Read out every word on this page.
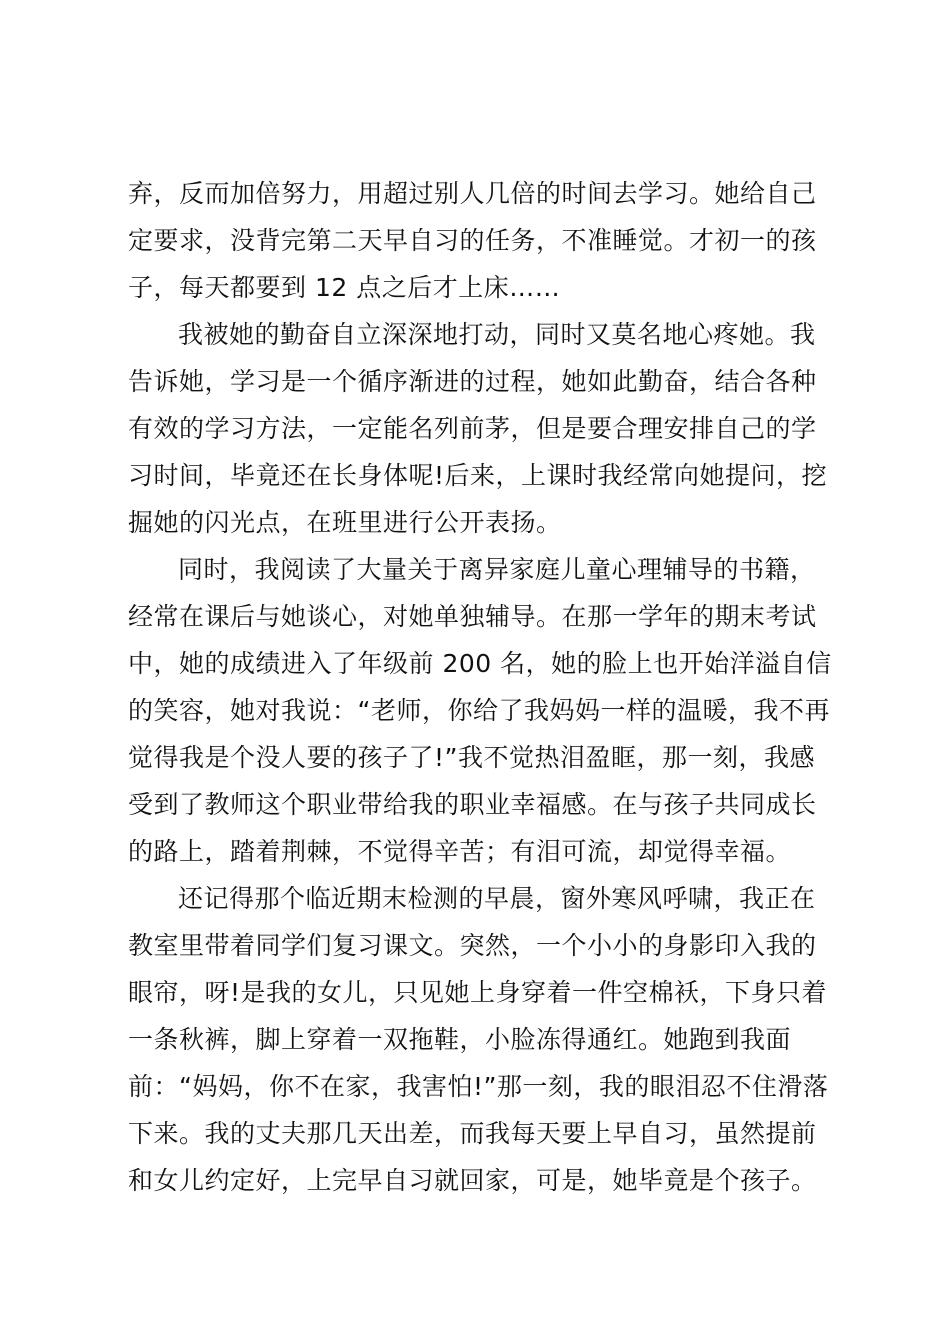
弃，反而加倍努力，用超过别人几倍的时间去学习。她给自己
定要求，没背完第二天早自习的任务，不准睡觉。才初一的孩
子，每天都要到 12 点之后才上床……
我被她的勤奋自立深深地打动，同时又莫名地心疼她。我
告诉她，学习是一个循序渐进的过程，她如此勤奋，结合各种
有效的学习方法，一定能名列前茅，但是要合理安排自己的学
习时间，毕竟还在长身体呢!后来，上课时我经常向她提问，挖
掘她的闪光点，在班里进行公开表扬。
同时，我阅读了大量关于离异家庭儿童心理辅导的书籍，
经常在课后与她谈心，对她单独辅导。在那一学年的期末考试
中，她的成绩进入了年级前 200 名，她的脸上也开始洋溢自信
的笑容，她对我说：“老师，你给了我妈妈一样的温暖，我不再
觉得我是个没人要的孩子了!”我不觉热泪盈眶，那一刻，我感
受到了教师这个职业带给我的职业幸福感。在与孩子共同成长
的路上，踏着荆棘，不觉得辛苦；有泪可流，却觉得幸福。
还记得那个临近期末检测的早晨，窗外寒风呼啸，我正在
教室里带着同学们复习课文。突然，一个小小的身影印入我的
眼帘，呀!是我的女儿，只见她上身穿着一件空棉袄，下身只着
一条秋裤，脚上穿着一双拖鞋，小脸冻得通红。她跑到我面
前：“妈妈，你不在家，我害怕!”那一刻，我的眼泪忍不住滑落
下来。我的丈夫那几天出差，而我每天要上早自习，虽然提前
和女儿约定好，上完早自习就回家，可是，她毕竟是个孩子。
